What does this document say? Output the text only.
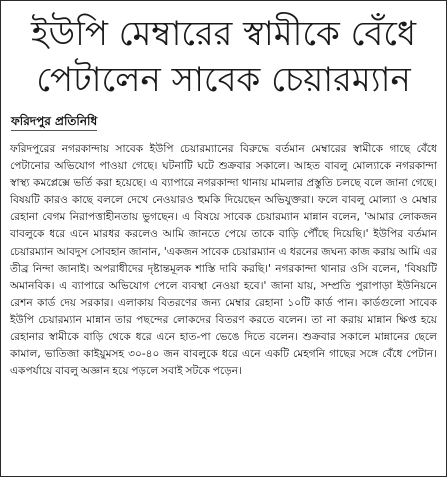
ইউপি মেম্বারের স্বামীকে বেঁধে
পেটালেন সাবেক চেয়ারম্যান
ফরিদপুর প্রতিনিধি
ফরিদপুরের নগরকান্দায় সাবেক ইউপি চেয়ারম্যানের বিরুদ্ধে বর্তমান মেম্বারের স্বামীকে গাছে বেঁধে পেটানোর অভিযোগ পাওয়া গেছে। ঘটনাটি ঘটে শুক্রবার সকালে। আহত বাবলু মোল্যাকে নগরকান্দা স্বাস্থ্য কমপ্লেক্সে ভর্তি করা হয়েছে। এ ব্যাপারে নগরকান্দা থানায় মামলার প্রস্তুতি চলছে বলে জানা গেছে। বিষয়টি কারও কাছে বললে দেখে নেওয়ারও হুমকি দিয়েছেন অভিযুক্তরা। ফলে বাবলু মোল্যা ও মেম্বার রেহানা বেগম নিরাপত্তাহীনতায় ভুগছেন। এ বিষয়ে সাবেক চেয়ারম্যান মান্নান বলেন, 'আমার লোকজন বাবলুকে ধরে এনে মারধর করলেও আমি জানতে পেয়ে তাকে বাড়ি পৌঁছে দিয়েছি।' ইউপির বর্তমান চেয়ারম্যান আবদুস সোবহান জানান, 'একজন সাবেক চেয়ারম্যান এ ধরনের জঘন্য কাজ করায় আমি এর তীব্র নিন্দা জানাই। অপরাধীদের দৃষ্টান্তমূলক শাস্তি দাবি করছি।' নগরকান্দা থানার ওসি বলেন, 'বিষয়টি অমানবিক। এ ব্যাপারে অভিযোগ পেলে ব্যবস্থা নেওয়া হবে।' জানা যায়, সম্প্রতি পুরাপাড়া ইউনিয়নে রেশন কার্ড দেয় সরকার। এলাকায় বিতরণের জন্য মেম্বার রেহানা ১০টি কার্ড পান। কার্ডগুলো সাবেক ইউপি চেয়ারম্যান মান্নান তার পছন্দের লোকদের বিতরণ করতে বলেন। তা না করায় মান্নান ক্ষিপ্ত হয়ে রেহানার স্বামীকে বাড়ি থেকে ধরে এনে হাত-পা ভেঙে দিতে বলেন। শুক্রবার সকালে মান্নানের ছেলে কামাল, ভাতিজা কাইয়ুমসহ ৩০-৪০ জন বাবলুকে ধরে এনে একটি মেহগনি গাছের সঙ্গে বেঁধে পেটান। একপর্যায়ে বাবলু অজ্ঞান হয়ে পড়লে সবাই সটকে পড়েন।
